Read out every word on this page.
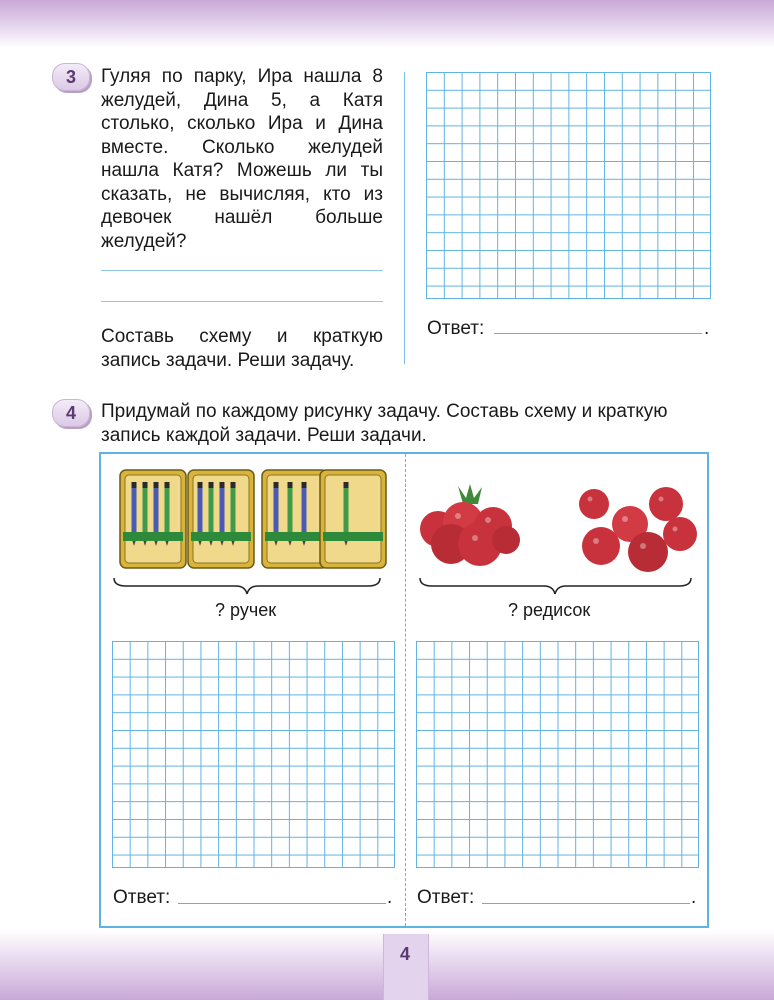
3	Гуляя по парку, Ира нашла 8 желудей, Дина 5, а Катя столько, сколько Ира и Дина вместе. Сколько желудей нашла Катя? Можешь ли ты сказать, не вычисляя, кто из девочек нашёл больше желудей?

Составь схему и краткую запись задачи. Реши задачу.

Ответ:	.
4	Придумай по каждому рисунку задачу. Составь схему и краткую запись каждой задачи. Реши задачи.

? ручек	? редисок
Ответ:	. Ответ:	.
4
